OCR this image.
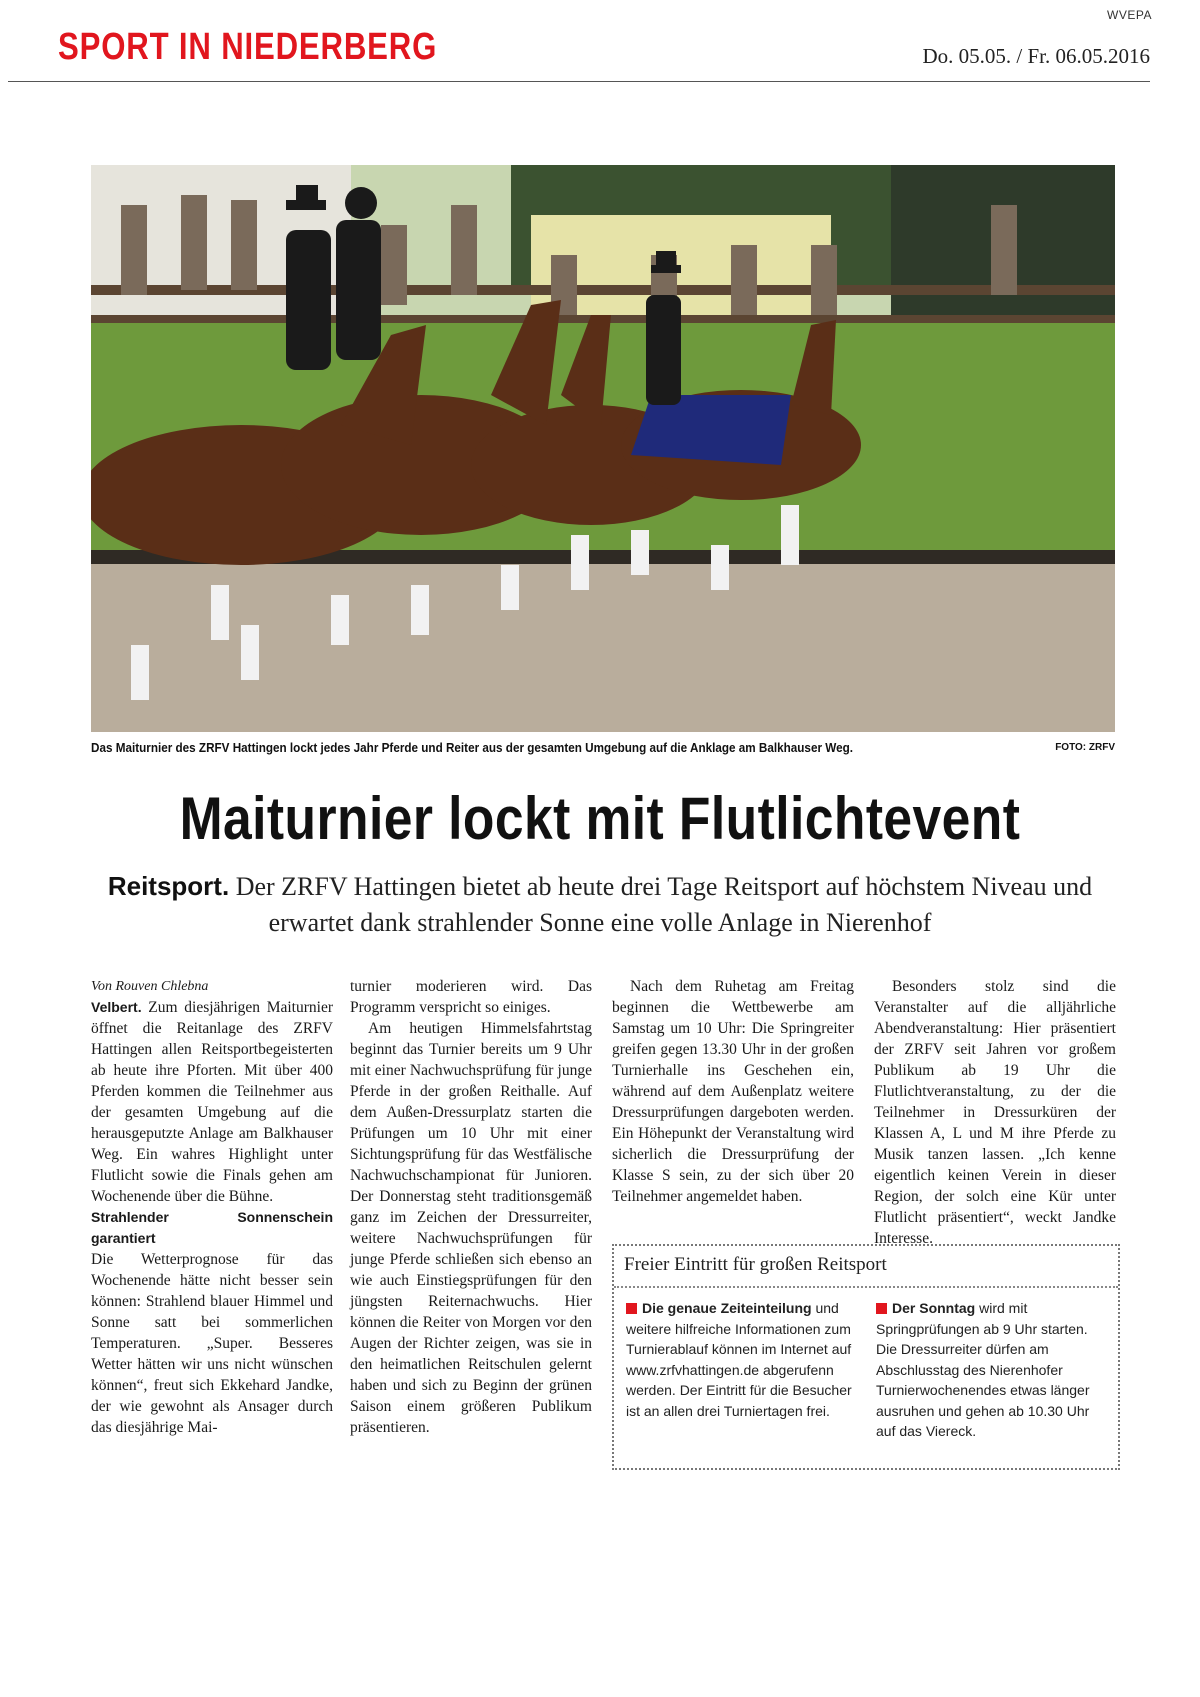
WVEPA
SPORT IN NIEDERBERG	Do. 05.05. / Fr. 06.05.2016
Das Maiturnier des ZRFV Hattingen lockt jedes Jahr Pferde und Reiter aus der gesamten Umgebung auf die Anklage am Balkhauser Weg.	FOTO: ZRFV
Maiturnier lockt mit Flutlichtevent
Reitsport. Der ZRFV Hattingen bietet ab heute drei Tage Reitsport auf höchstem Niveau und erwartet dank strahlender Sonne eine volle Anlage in Nierenhof

Von Rouven Chlebna

Velbert. Zum diesjährigen Maiturnier öffnet die Reitanlage des ZRFV Hattingen allen Reitsportbegeisterten ab heute ihre Pforten. Mit über 400 Pferden kommen die Teilnehmer aus der gesamten Umgebung auf die herausgeputzte Anlage am Balkhauser Weg. Ein wahres Highlight unter Flutlicht sowie die Finals gehen am Wochenende über die Bühne.

Strahlender Sonnenschein garantiert

Die Wetterprognose für das Wochenende hätte nicht besser sein können: Strahlend blauer Himmel und Sonne satt bei sommerlichen Temperaturen. „Super. Besseres Wetter hätten wir uns nicht wünschen können“, freut sich Ekkehard Jandke, der wie gewohnt als Ansager durch das diesjährige Mai-

turnier moderieren wird. Das Programm verspricht so einiges.

Am heutigen Himmelsfahrtstag beginnt das Turnier bereits um 9 Uhr mit einer Nachwuchsprüfung für junge Pferde in der großen Reithalle. Auf dem Außen-Dressurplatz starten die Prüfungen um 10 Uhr mit einer Sichtungsprüfung für das Westfälische Nachwuchschampionat für Junioren. Der Donnerstag steht traditionsgemäß ganz im Zeichen der Dressurreiter, weitere Nachwuchsprüfungen für junge Pferde schließen sich ebenso an wie auch Einstiegsprüfungen für den jüngsten Reiternachwuchs. Hier können die Reiter von Morgen vor den Augen der Richter zeigen, was sie in den heimatlichen Reitschulen gelernt haben und sich zu Beginn der grünen Saison einem größeren Publikum präsentieren.

Nach dem Ruhetag am Freitag beginnen die Wettbewerbe am Samstag um 10 Uhr: Die Springreiter greifen gegen 13.30 Uhr in der großen Turnierhalle ins Geschehen ein, während auf dem Außenplatz weitere Dressurprüfungen dargeboten werden. Ein Höhepunkt der Veranstaltung wird sicherlich die Dressurprüfung der Klasse S sein, zu der sich über 20 Teilnehmer angemeldet haben.

Besonders stolz sind die Veranstalter auf die alljährliche Abendveranstaltung: Hier präsentiert der ZRFV seit Jahren vor großem Publikum ab 19 Uhr die Flutlichtveranstaltung, zu der die Teilnehmer in Dressurküren der Klassen A, L und M ihre Pferde zu Musik tanzen lassen. „Ich kenne eigentlich keinen Verein in dieser Region, der solch eine Kür unter Flutlicht präsentiert“, weckt Jandke Interesse.

Freier Eintritt für großen Reitsport
Die genaue Zeiteinteilung und weitere hilfreiche Informationen zum Turnierablauf können im Internet auf www.zrfvhattingen.de abgerufenn werden. Der Eintritt für die Besucher ist an allen drei Turniertagen frei.
Der Sonntag wird mit Springprüfungen ab 9 Uhr starten. Die Dressurreiter dürfen am Abschlusstag des Nierenhofer Turnierwochenendes etwas länger ausruhen und gehen ab 10.30 Uhr auf das Viereck.
